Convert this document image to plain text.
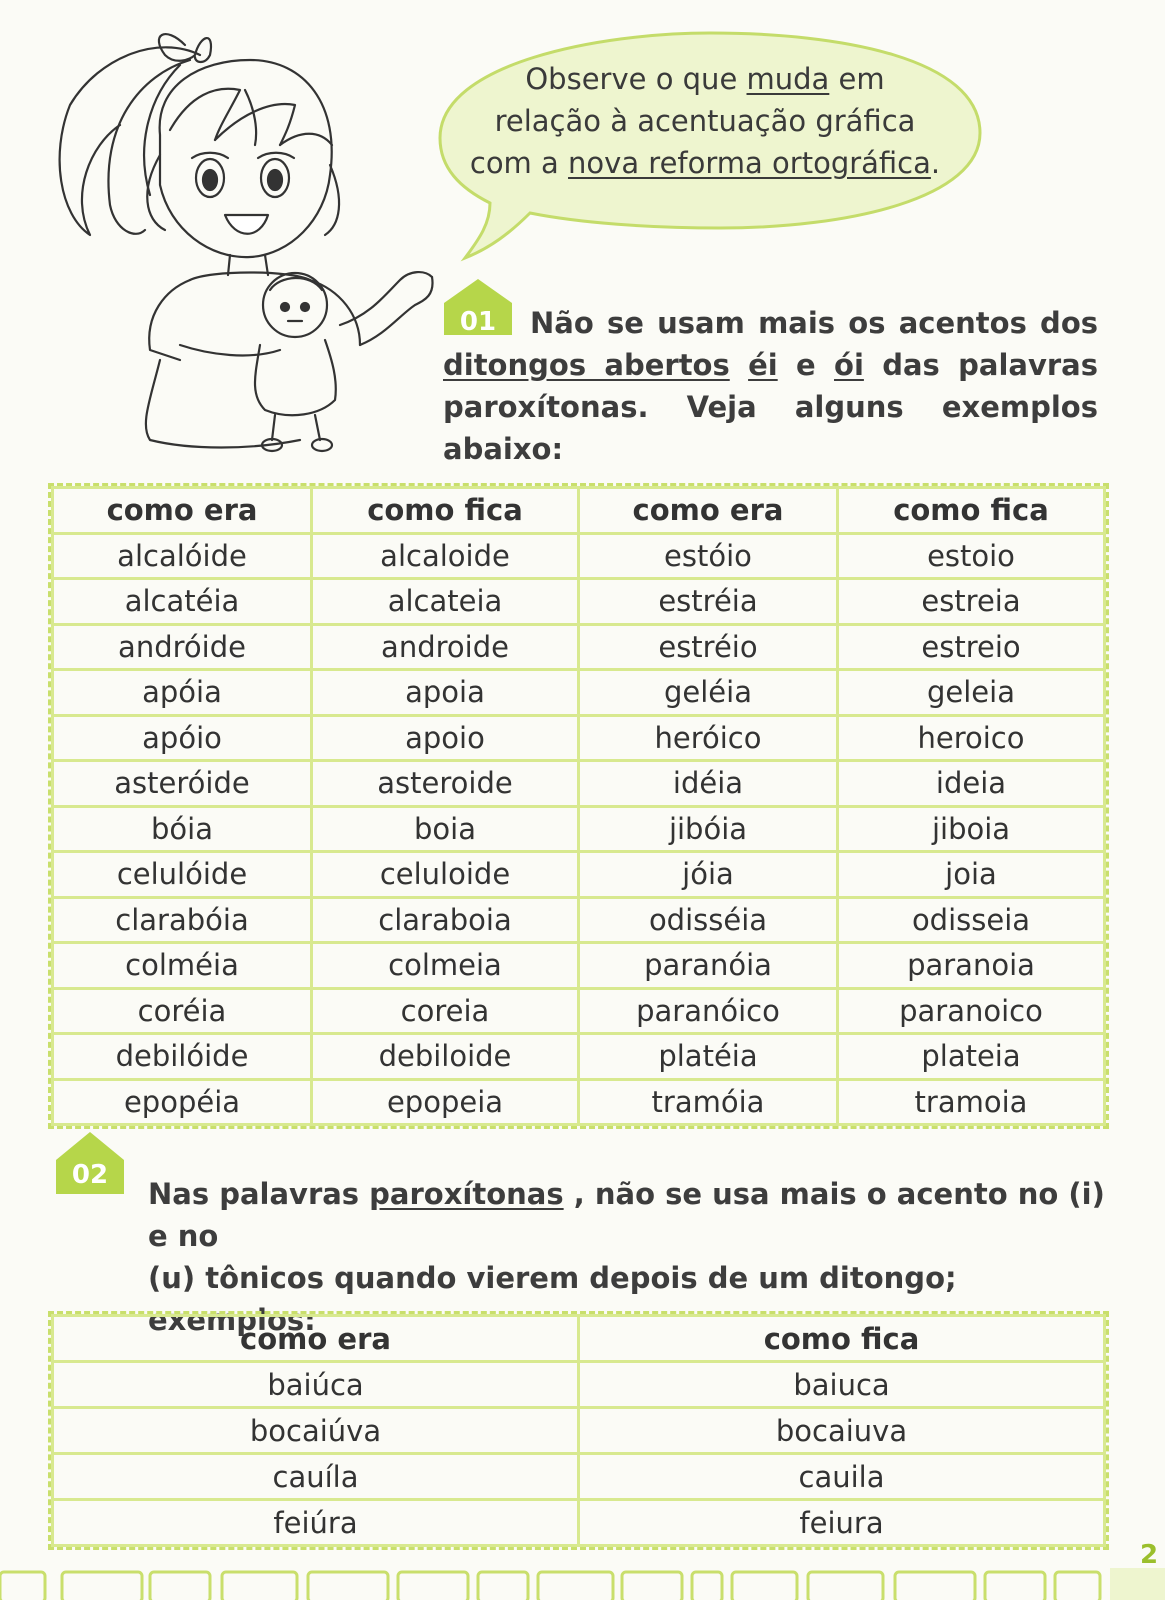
Observe o que muda em
relação à acentuação gráfica
com a nova reforma ortográfica.
01	Não se usam mais os acentos dos
ditongos abertos éi e ói das palavras

paroxítonas. Veja alguns exemplos abaixo:
como era	como fica	como era	como fica
alcalóide	alcaloide	estóio	estoio
alcatéia	alcateia	estréia	estreia
andróide	androide	estréio	estreio
apóia	apoia	geléia	geleia
apóio	apoio	heróico	heroico
asteróide	asteroide	idéia	ideia
bóia	boia	jibóia	jiboia
celulóide	celuloide	jóia	joia
clarabóia	claraboia	odisséia	odisseia
colméia	colmeia	paranóia	paranoia
coréia	coreia	paranóico	paranoico
debilóide	debiloide	platéia	plateia
epopéia	epopeia	tramóia	tramoia
02
Nas palavras paroxítonas , não se usa mais o acento no (i) e no
(u) tônicos quando vierem depois de um ditongo; exemplos:
como era	como fica
baiúca	baiuca
bocaiúva	bocaiuva
cauíla	cauila
feiúra	feiura
2
